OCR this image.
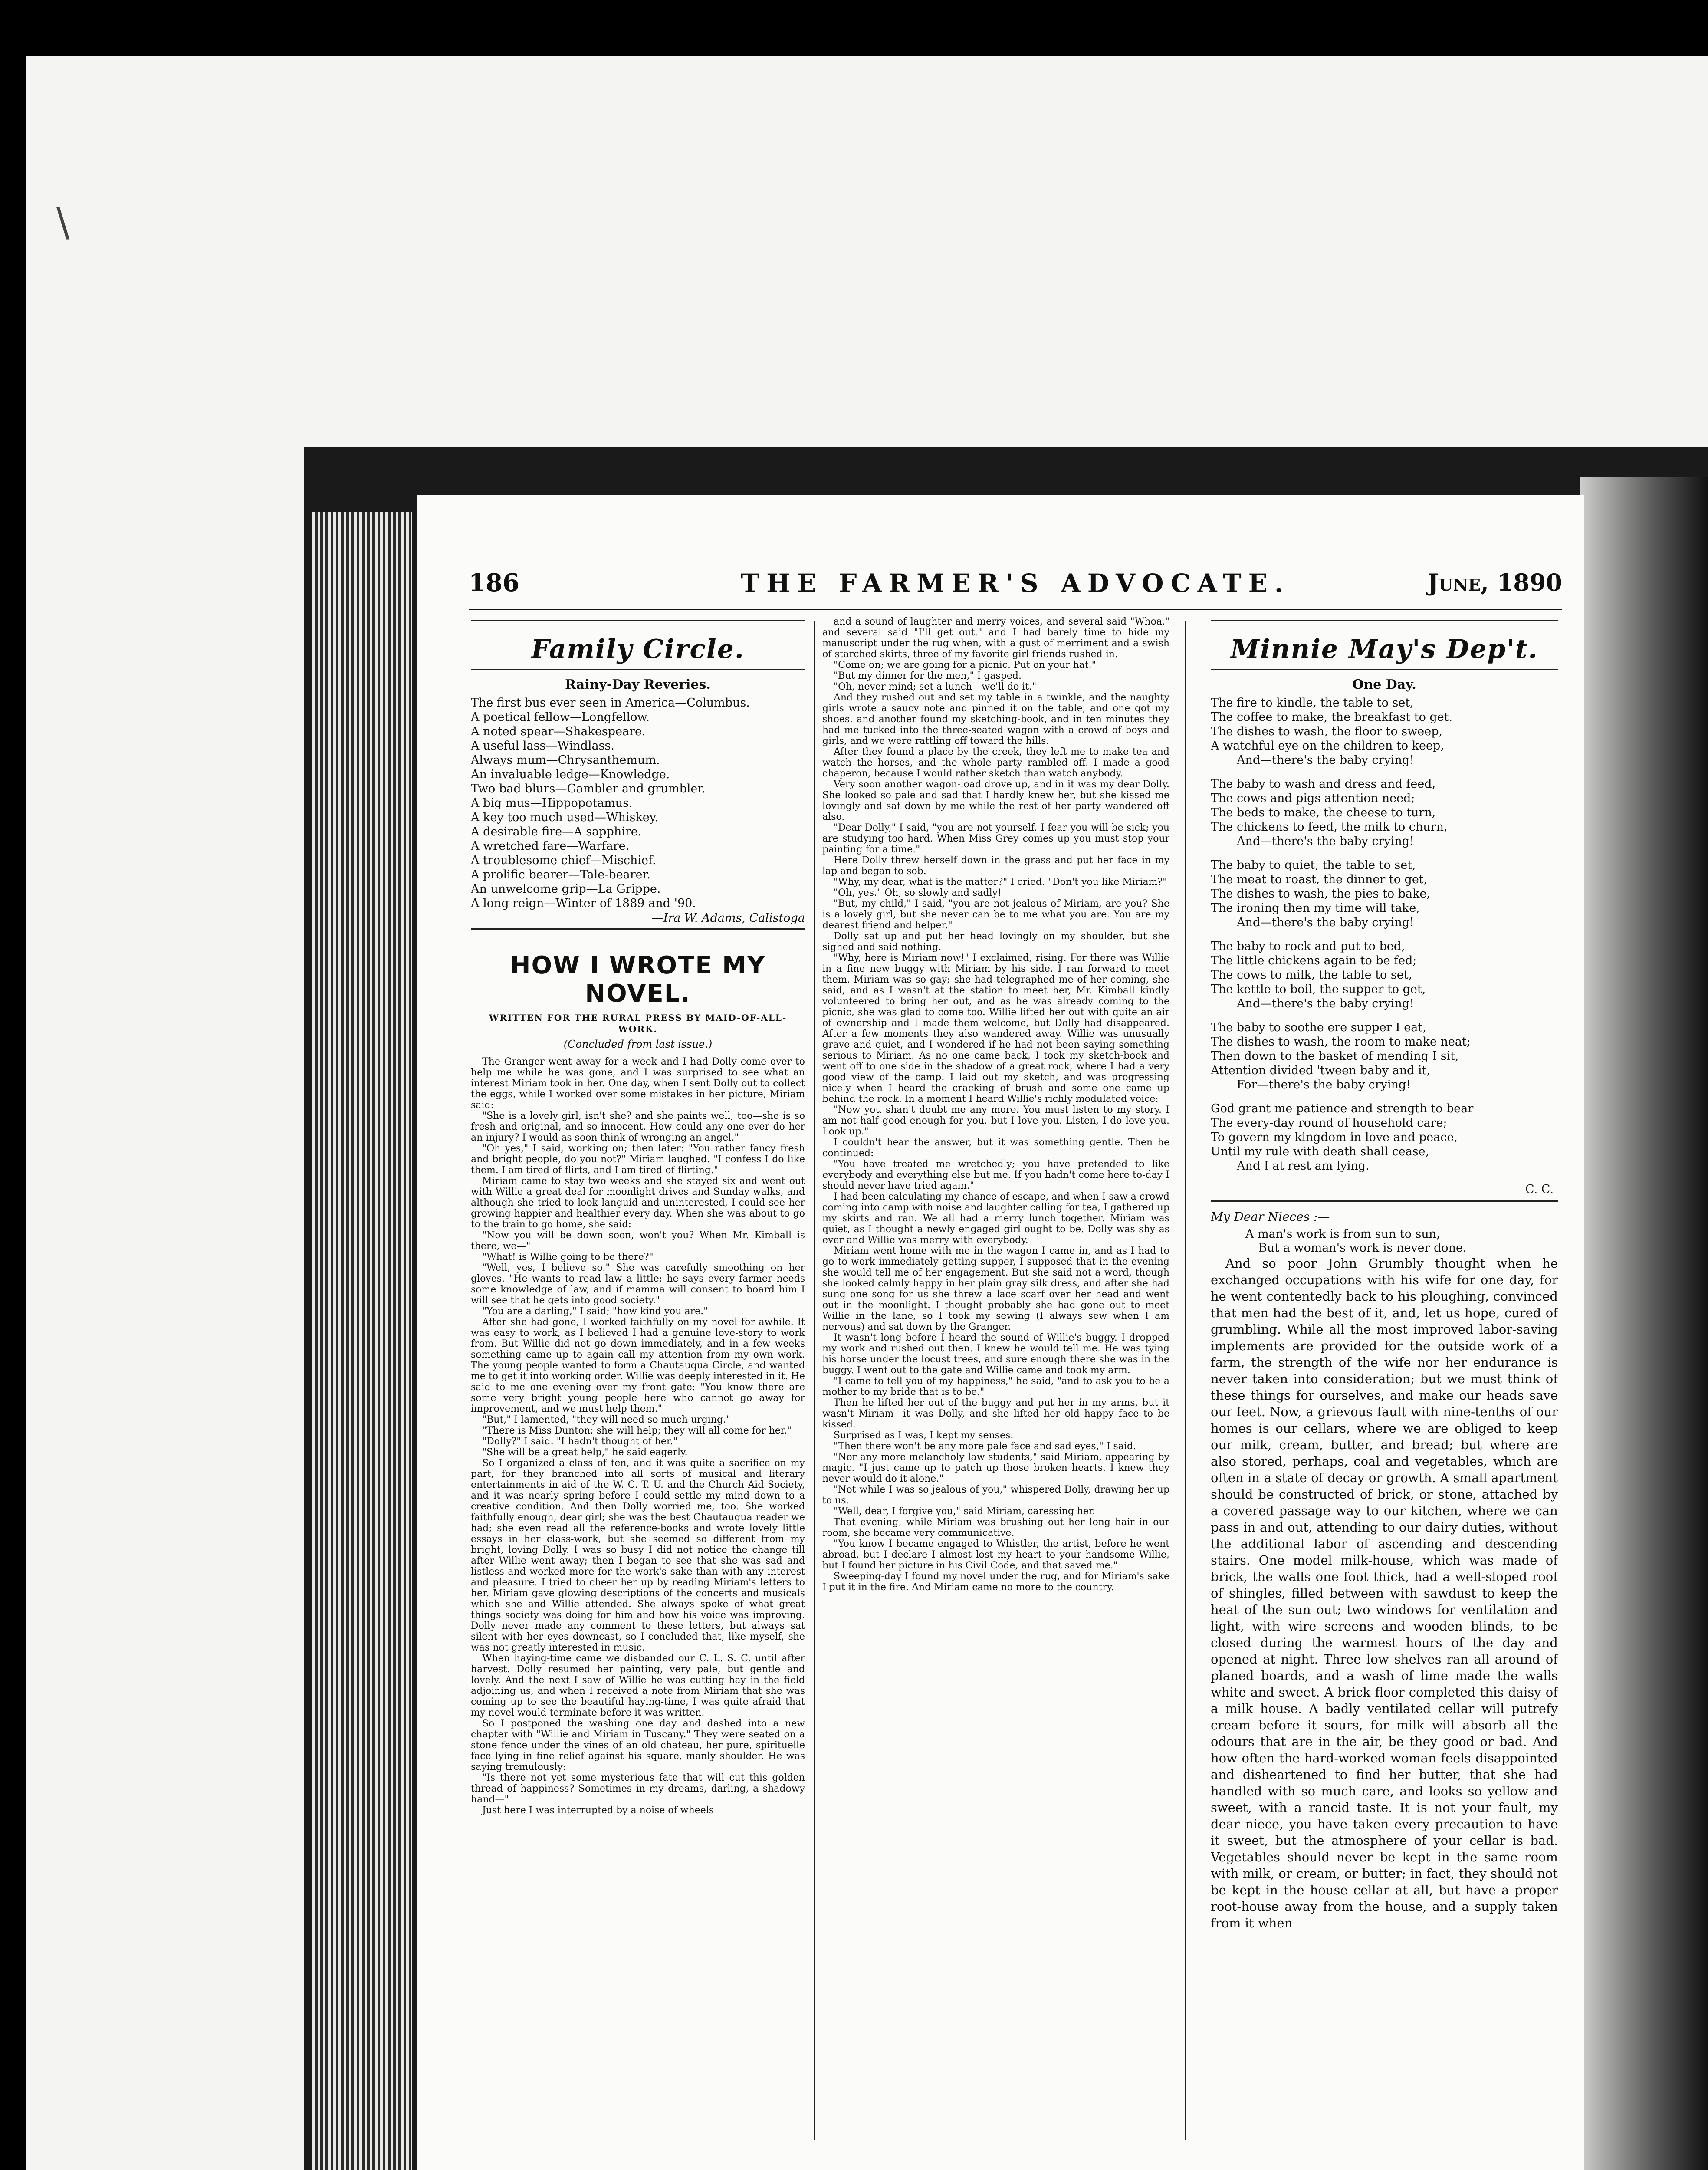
\
186	THE FARMER'S ADVOCATE.	June, 1890
Family Circle.
Rainy-Day Reveries.

The first bus ever seen in America—Columbus.

A poetical fellow—Longfellow.

A noted spear—Shakespeare.

A useful lass—Windlass.

Always mum—Chrysanthemum.

An invaluable ledge—Knowledge.

Two bad blurs—Gambler and grumbler.

A big mus—Hippopotamus.

A key too much used—Whiskey.

A desirable fire—A sapphire.

A wretched fare—Warfare.

A troublesome chief—Mischief.

A prolific bearer—Tale-bearer.

An unwelcome grip—La Grippe.

A long reign—Winter of 1889 and '90.

—Ira W. Adams, Calistoga
HOW I WROTE MY NOVEL.
WRITTEN FOR THE RURAL PRESS BY MAID-OF-ALL-WORK.
(Concluded from last issue.)

The Granger went away for a week and I had Dolly come over to help me while he was gone, and I was surprised to see what an interest Miriam took in her. One day, when I sent Dolly out to collect the eggs, while I worked over some mistakes in her picture, Miriam said:

"She is a lovely girl, isn't she? and she paints well, too—she is so fresh and original, and so innocent. How could any one ever do her an injury? I would as soon think of wronging an angel."

"Oh yes," I said, working on; then later: "You rather fancy fresh and bright people, do you not?" Miriam laughed. "I confess I do like them. I am tired of flirts, and I am tired of flirting."

Miriam came to stay two weeks and she stayed six and went out with Willie a great deal for moonlight drives and Sunday walks, and although she tried to look languid and uninterested, I could see her growing happier and healthier every day. When she was about to go to the train to go home, she said:

"Now you will be down soon, won't you? When Mr. Kimball is there, we—"

"What! is Willie going to be there?"

"Well, yes, I believe so." She was carefully smoothing on her gloves. "He wants to read law a little; he says every farmer needs some knowledge of law, and if mamma will consent to board him I will see that he gets into good society."

"You are a darling," I said; "how kind you are."

After she had gone, I worked faithfully on my novel for awhile. It was easy to work, as I believed I had a genuine love-story to work from. But Willie did not go down immediately, and in a few weeks something came up to again call my attention from my own work. The young people wanted to form a Chautauqua Circle, and wanted me to get it into working order. Willie was deeply interested in it. He said to me one evening over my front gate: "You know there are some very bright young people here who cannot go away for improvement, and we must help them."

"But," I lamented, "they will need so much urging."

"There is Miss Dunton; she will help; they will all come for her."

"Dolly?" I said. "I hadn't thought of her."

"She will be a great help," he said eagerly.

So I organized a class of ten, and it was quite a sacrifice on my part, for they branched into all sorts of musical and literary entertainments in aid of the W. C. T. U. and the Church Aid Society, and it was nearly spring before I could settle my mind down to a creative condition. And then Dolly worried me, too. She worked faithfully enough, dear girl; she was the best Chautauqua reader we had; she even read all the reference-books and wrote lovely little essays in her class-work, but she seemed so different from my bright, loving Dolly. I was so busy I did not notice the change till after Willie went away; then I began to see that she was sad and listless and worked more for the work's sake than with any interest and pleasure. I tried to cheer her up by reading Miriam's letters to her. Miriam gave glowing descriptions of the concerts and musicals which she and Willie attended. She always spoke of what great things society was doing for him and how his voice was improving. Dolly never made any comment to these letters, but always sat silent with her eyes downcast, so I concluded that, like myself, she was not greatly interested in music.

When haying-time came we disbanded our C. L. S. C. until after harvest. Dolly resumed her painting, very pale, but gentle and lovely. And the next I saw of Willie he was cutting hay in the field adjoining us, and when I received a note from Miriam that she was coming up to see the beautiful haying-time, I was quite afraid that my novel would terminate before it was written.

So I postponed the washing one day and dashed into a new chapter with "Willie and Miriam in Tuscany." They were seated on a stone fence under the vines of an old chateau, her pure, spirituelle face lying in fine relief against his square, manly shoulder. He was saying tremulously:

"Is there not yet some mysterious fate that will cut this golden thread of happiness? Sometimes in my dreams, darling, a shadowy hand—"

Just here I was interrupted by a noise of wheels

and a sound of laughter and merry voices, and several said "Whoa," and several said "I'll get out." and I had barely time to hide my manuscript under the rug when, with a gust of merriment and a swish of starched skirts, three of my favorite girl friends rushed in.

"Come on; we are going for a picnic. Put on your hat."

"But my dinner for the men," I gasped.

"Oh, never mind; set a lunch—we'll do it."

And they rushed out and set my table in a twinkle, and the naughty girls wrote a saucy note and pinned it on the table, and one got my shoes, and another found my sketching-book, and in ten minutes they had me tucked into the three-seated wagon with a crowd of boys and girls, and we were rattling off toward the hills.

After they found a place by the creek, they left me to make tea and watch the horses, and the whole party rambled off. I made a good chaperon, because I would rather sketch than watch anybody.

Very soon another wagon-load drove up, and in it was my dear Dolly. She looked so pale and sad that I hardly knew her, but she kissed me lovingly and sat down by me while the rest of her party wandered off also.

"Dear Dolly," I said, "you are not yourself. I fear you will be sick; you are studying too hard. When Miss Grey comes up you must stop your painting for a time."

Here Dolly threw herself down in the grass and put her face in my lap and began to sob.

"Why, my dear, what is the matter?" I cried. "Don't you like Miriam?"

"Oh, yes." Oh, so slowly and sadly!

"But, my child," I said, "you are not jealous of Miriam, are you? She is a lovely girl, but she never can be to me what you are. You are my dearest friend and helper."

Dolly sat up and put her head lovingly on my shoulder, but she sighed and said nothing.

"Why, here is Miriam now!" I exclaimed, rising. For there was Willie in a fine new buggy with Miriam by his side. I ran forward to meet them. Miriam was so gay; she had telegraphed me of her coming, she said, and as I wasn't at the station to meet her, Mr. Kimball kindly volunteered to bring her out, and as he was already coming to the picnic, she was glad to come too. Willie lifted her out with quite an air of ownership and I made them welcome, but Dolly had disappeared. After a few moments they also wandered away. Willie was unusually grave and quiet, and I wondered if he had not been saying something serious to Miriam. As no one came back, I took my sketch-book and went off to one side in the shadow of a great rock, where I had a very good view of the camp. I laid out my sketch, and was progressing nicely when I heard the cracking of brush and some one came up behind the rock. In a moment I heard Willie's richly modulated voice:

"Now you shan't doubt me any more. You must listen to my story. I am not half good enough for you, but I love you. Listen, I do love you. Look up."

I couldn't hear the answer, but it was something gentle. Then he continued:

"You have treated me wretchedly; you have pretended to like everybody and everything else but me. If you hadn't come here to-day I should never have tried again."

I had been calculating my chance of escape, and when I saw a crowd coming into camp with noise and laughter calling for tea, I gathered up my skirts and ran. We all had a merry lunch together. Miriam was quiet, as I thought a newly engaged girl ought to be. Dolly was shy as ever and Willie was merry with everybody.

Miriam went home with me in the wagon I came in, and as I had to go to work immediately getting supper, I supposed that in the evening she would tell me of her engagement. But she said not a word, though she looked calmly happy in her plain gray silk dress, and after she had sung one song for us she threw a lace scarf over her head and went out in the moonlight. I thought probably she had gone out to meet Willie in the lane, so I took my sewing (I always sew when I am nervous) and sat down by the Granger.

It wasn't long before I heard the sound of Willie's buggy. I dropped my work and rushed out then. I knew he would tell me. He was tying his horse under the locust trees, and sure enough there she was in the buggy. I went out to the gate and Willie came and took my arm.

"I came to tell you of my happiness," he said, "and to ask you to be a mother to my bride that is to be."

Then he lifted her out of the buggy and put her in my arms, but it wasn't Miriam—it was Dolly, and she lifted her old happy face to be kissed.

Surprised as I was, I kept my senses.

"Then there won't be any more pale face and sad eyes," I said.

"Nor any more melancholy law students," said Miriam, appearing by magic. "I just came up to patch up those broken hearts. I knew they never would do it alone."

"Not while I was so jealous of you," whispered Dolly, drawing her up to us.

"Well, dear, I forgive you," said Miriam, caressing her.

That evening, while Miriam was brushing out her long hair in our room, she became very communicative.

"You know I became engaged to Whistler, the artist, before he went abroad, but I declare I almost lost my heart to your handsome Willie, but I found her picture in his Civil Code, and that saved me."

Sweeping-day I found my novel under the rug, and for Miriam's sake I put it in the fire. And Miriam came no more to the country.

Minnie May's Dep't.
One Day.

The fire to kindle, the table to set,

The coffee to make, the breakfast to get.

The dishes to wash, the floor to sweep,

A watchful eye on the children to keep,

And—there's the baby crying!

The baby to wash and dress and feed,

The cows and pigs attention need;

The beds to make, the cheese to turn,

The chickens to feed, the milk to churn,

And—there's the baby crying!

The baby to quiet, the table to set,

The meat to roast, the dinner to get,

The dishes to wash, the pies to bake,

The ironing then my time will take,

And—there's the baby crying!

The baby to rock and put to bed,

The little chickens again to be fed;

The cows to milk, the table to set,

The kettle to boil, the supper to get,

And—there's the baby crying!

The baby to soothe ere supper I eat,

The dishes to wash, the room to make neat;

Then down to the basket of mending I sit,

Attention divided 'tween baby and it,

For—there's the baby crying!

God grant me patience and strength to bear

The every-day round of household care;

To govern my kingdom in love and peace,

Until my rule with death shall cease,

And I at rest am lying.

C. C.
My Dear Nieces :—

A man's work is from sun to sun,

But a woman's work is never done.

And so poor John Grumbly thought when he exchanged occupations with his wife for one day, for he went contentedly back to his ploughing, convinced that men had the best of it, and, let us hope, cured of grumbling. While all the most improved labor-saving implements are provided for the outside work of a farm, the strength of the wife nor her endurance is never taken into consideration; but we must think of these things for ourselves, and make our heads save our feet. Now, a grievous fault with nine-tenths of our homes is our cellars, where we are obliged to keep our milk, cream, butter, and bread; but where are also stored, perhaps, coal and vegetables, which are often in a state of decay or growth. A small apartment should be constructed of brick, or stone, attached by a covered passage way to our kitchen, where we can pass in and out, attending to our dairy duties, without the additional labor of ascending and descending stairs. One model milk-house, which was made of brick, the walls one foot thick, had a well-sloped roof of shingles, filled between with sawdust to keep the heat of the sun out; two windows for ventilation and light, with wire screens and wooden blinds, to be closed during the warmest hours of the day and opened at night. Three low shelves ran all around of planed boards, and a wash of lime made the walls white and sweet. A brick floor completed this daisy of a milk house. A badly ventilated cellar will putrefy cream before it sours, for milk will absorb all the odours that are in the air, be they good or bad. And how often the hard-worked woman feels disappointed and disheartened to find her butter, that she had handled with so much care, and looks so yellow and sweet, with a rancid taste. It is not your fault, my dear niece, you have taken every precaution to have it sweet, but the atmosphere of your cellar is bad. Vegetables should never be kept in the same room with milk, or cream, or butter; in fact, they should not be kept in the house cellar at all, but have a proper root-house away from the house, and a supply taken from it when
